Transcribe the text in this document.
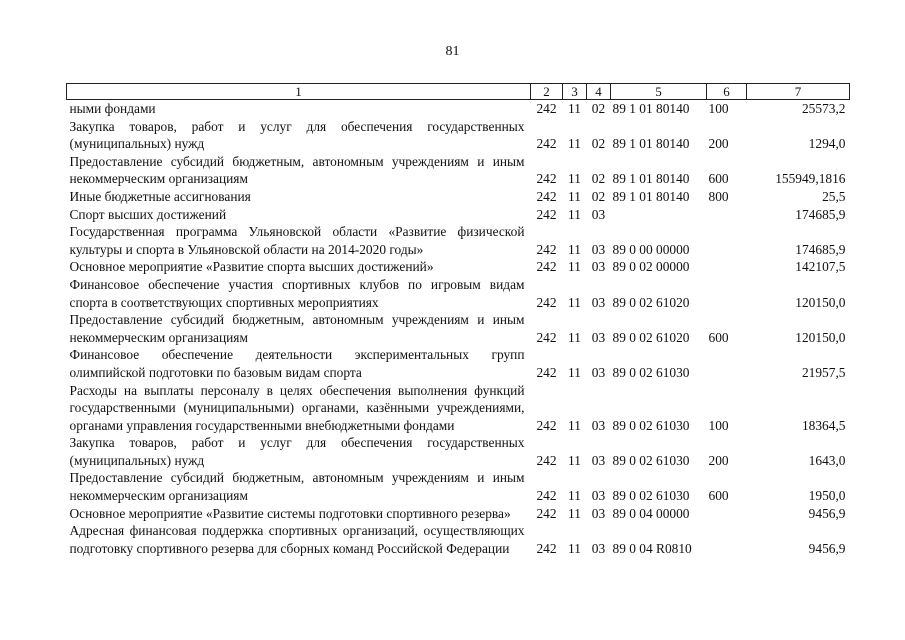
81
1	2	3	4	5	6	7
ными фондами	242	11	02	89 1 01 80140	100	25573,2
Закупка товаров, работ и услуг для обеспечения государственных (муниципальных) нужд	242	11	02	89 1 01 80140	200	1294,0
Предоставление субсидий бюджетным, автономным учреждениям и иным некоммерческим организациям	242	11	02	89 1 01 80140	600	155949,1816
Иные бюджетные ассигнования	242	11	02	89 1 01 80140	800	25,5
Спорт высших достижений	242	11	03			174685,9
Государственная программа Ульяновской области «Развитие физической культуры и спорта в Ульяновской области на 2014-2020 годы»	242	11	03	89 0 00 00000		174685,9
Основное мероприятие «Развитие спорта высших достижений»	242	11	03	89 0 02 00000		142107,5
Финансовое обеспечение участия спортивных клубов по игровым видам спорта в соответствующих спортивных мероприятиях	242	11	03	89 0 02 61020		120150,0
Предоставление субсидий бюджетным, автономным учреждениям и иным некоммерческим организациям	242	11	03	89 0 02 61020	600	120150,0
Финансовое обеспечение деятельности экспериментальных групп олимпийской подготовки по базовым видам спорта	242	11	03	89 0 02 61030		21957,5
Расходы на выплаты персоналу в целях обеспечения выполнения функций государственными (муниципальными) органами, казёнными учреждениями, органами управления государственными внебюджетными фондами	242	11	03	89 0 02 61030	100	18364,5
Закупка товаров, работ и услуг для обеспечения государственных (муниципальных) нужд	242	11	03	89 0 02 61030	200	1643,0
Предоставление субсидий бюджетным, автономным учреждениям и иным некоммерческим организациям	242	11	03	89 0 02 61030	600	1950,0
Основное мероприятие «Развитие системы подготовки спортивного резерва»	242	11	03	89 0 04 00000		9456,9
Адресная финансовая поддержка спортивных организаций, осуществляющих подготовку спортивного резерва для сборных команд Российской Федерации	242	11	03	89 0 04 R0810		9456,9
